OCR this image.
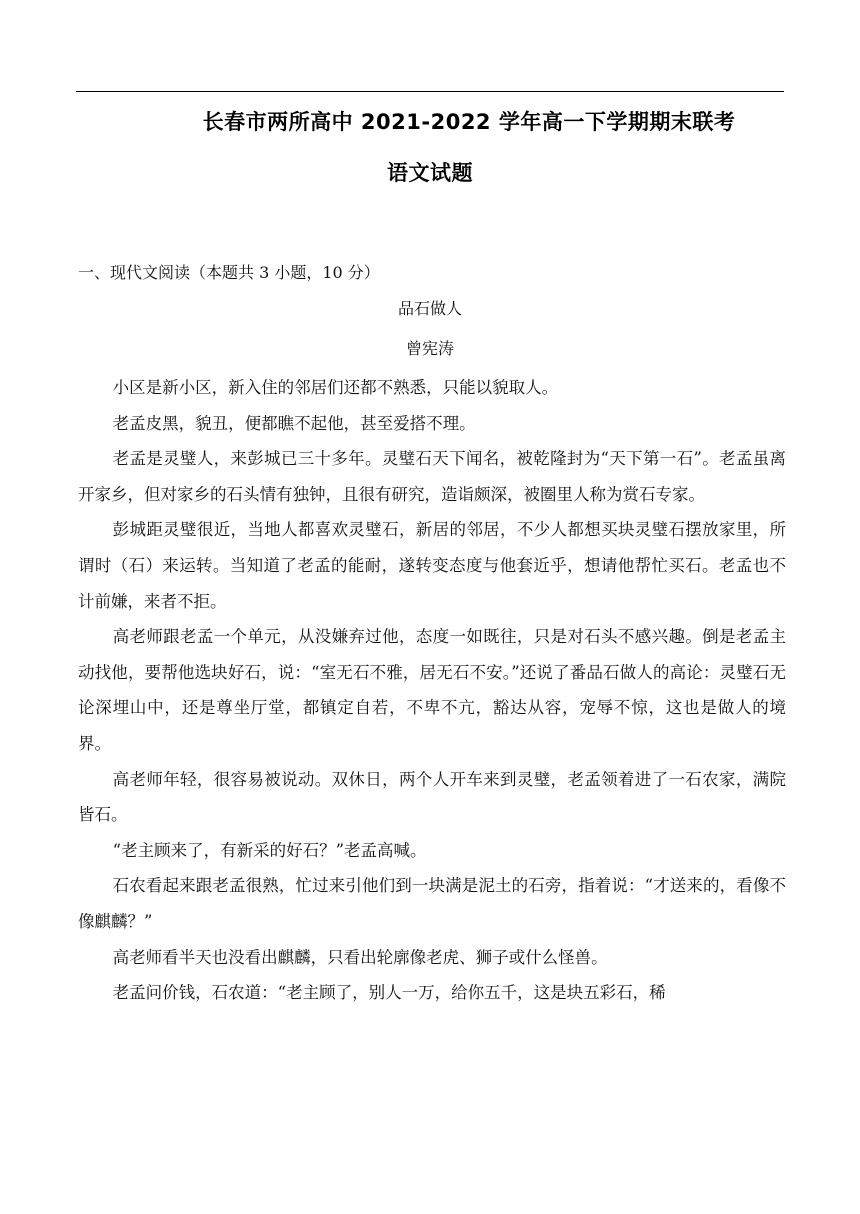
长春市两所高中 2021-2022 学年高一下学期期末联考
语文试题
一、现代文阅读（本题共 3 小题，10 分）
品石做人
曾宪涛

小区是新小区，新入住的邻居们还都不熟悉，只能以貌取人。

老孟皮黑，貌丑，便都瞧不起他，甚至爱搭不理。

老孟是灵璧人，来彭城已三十多年。灵璧石天下闻名，被乾隆封为“天下第一石”。老孟虽离开家乡，但对家乡的石头情有独钟，且很有研究，造诣颇深，被圈里人称为赏石专家。

彭城距灵璧很近，当地人都喜欢灵璧石，新居的邻居，不少人都想买块灵璧石摆放家里，所谓时（石）来运转。当知道了老孟的能耐，遂转变态度与他套近乎，想请他帮忙买石。老孟也不计前嫌，来者不拒。

高老师跟老孟一个单元，从没嫌弃过他，态度一如既往，只是对石头不感兴趣。倒是老孟主动找他，要帮他选块好石，说：“室无石不雅，居无石不安。”还说了番品石做人的高论：灵璧石无论深埋山中，还是尊坐厅堂，都镇定自若，不卑不亢，豁达从容，宠辱不惊，这也是做人的境界。

高老师年轻，很容易被说动。双休日，两个人开车来到灵璧，老孟领着进了一石农家，满院皆石。

“老主顾来了，有新采的好石？”老孟高喊。

石农看起来跟老孟很熟，忙过来引他们到一块满是泥土的石旁，指着说：“才送来的，看像不像麒麟？”

高老师看半天也没看出麒麟，只看出轮廓像老虎、狮子或什么怪兽。

老孟问价钱，石农道：“老主顾了，别人一万，给你五千，这是块五彩石，稀
